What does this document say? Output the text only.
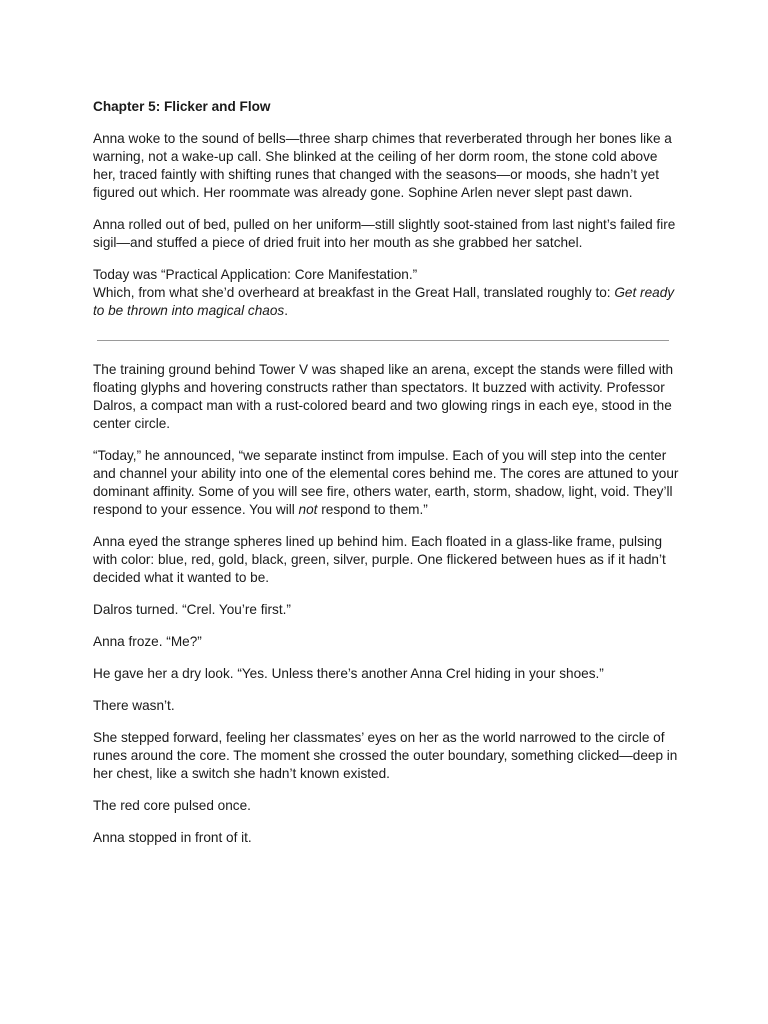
Chapter 5: Flicker and Flow

Anna woke to the sound of bells—three sharp chimes that reverberated through her bones like a warning, not a wake-up call. She blinked at the ceiling of her dorm room, the stone cold above her, traced faintly with shifting runes that changed with the seasons—or moods, she hadn’t yet figured out which. Her roommate was already gone. Sophine Arlen never slept past dawn.

Anna rolled out of bed, pulled on her uniform—still slightly soot-stained from last night’s failed fire sigil—and stuffed a piece of dried fruit into her mouth as she grabbed her satchel.

Today was “Practical Application: Core Manifestation.”
Which, from what she’d overheard at breakfast in the Great Hall, translated roughly to: Get ready to be thrown into magical chaos.

The training ground behind Tower V was shaped like an arena, except the stands were filled with floating glyphs and hovering constructs rather than spectators. It buzzed with activity. Professor Dalros, a compact man with a rust-colored beard and two glowing rings in each eye, stood in the center circle.

“Today,” he announced, “we separate instinct from impulse. Each of you will step into the center and channel your ability into one of the elemental cores behind me. The cores are attuned to your dominant affinity. Some of you will see fire, others water, earth, storm, shadow, light, void. They’ll respond to your essence. You will not respond to them.”

Anna eyed the strange spheres lined up behind him. Each floated in a glass-like frame, pulsing with color: blue, red, gold, black, green, silver, purple. One flickered between hues as if it hadn’t decided what it wanted to be.

Dalros turned. “Crel. You’re first.”

Anna froze. “Me?”

He gave her a dry look. “Yes. Unless there’s another Anna Crel hiding in your shoes.”

There wasn’t.

She stepped forward, feeling her classmates’ eyes on her as the world narrowed to the circle of runes around the core. The moment she crossed the outer boundary, something clicked—deep in her chest, like a switch she hadn’t known existed.

The red core pulsed once.

Anna stopped in front of it.
